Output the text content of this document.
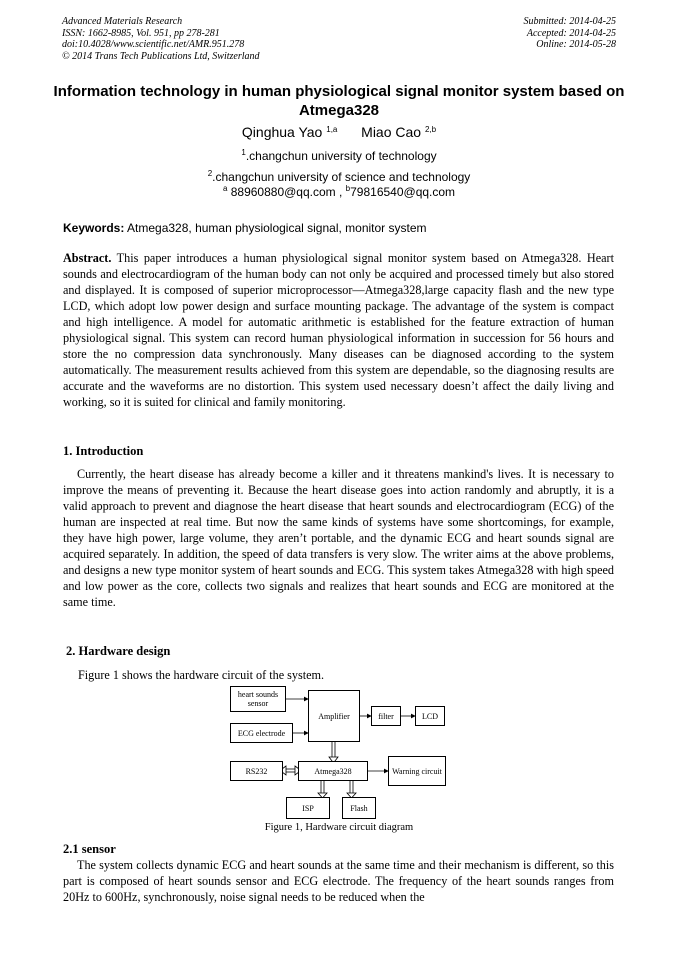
Advanced Materials Research
ISSN: 1662-8985, Vol. 951, pp 278-281
doi:10.4028/www.scientific.net/AMR.951.278
© 2014 Trans Tech Publications Ltd, Switzerland
Submitted: 2014-04-25
Accepted: 2014-04-25
Online: 2014-05-28
Information technology in human physiological signal monitor system based on Atmega328
Qinghua Yao $^{1,a}$ Miao Cao $^{2,b}$
$^1$.changchun university of technology
$^2$.changchun university of science and technology
$^a$ 88960880@qq.com , $^b$79816540@qq.com
Keywords: Atmega328, human physiological signal, monitor system
Abstract. This paper introduces a human physiological signal monitor system based on Atmega328. Heart sounds and electrocardiogram of the human body can not only be acquired and processed timely but also stored and displayed. It is composed of superior microprocessor—Atmega328,large capacity flash and the new type LCD, which adopt low power design and surface mounting package. The advantage of the system is compact and high intelligence. A model for automatic arithmetic is established for the feature extraction of human physiological signal. This system can record human physiological information in succession for 56 hours and store the no compression data synchronously. Many diseases can be diagnosed according to the system automatically. The measurement results achieved from this system are dependable, so the diagnosing results are accurate and the waveforms are no distortion. This system used necessary doesn’t affect the daily living and working, so it is suited for clinical and family monitoring.
1. Introduction
Currently, the heart disease has already become a killer and it threatens mankind's lives. It is necessary to improve the means of preventing it. Because the heart disease goes into action randomly and abruptly, it is a valid approach to prevent and diagnose the heart disease that heart sounds and electrocardiogram (ECG) of the human are inspected at real time. But now the same kinds of systems have some shortcomings, for example, they have high power, large volume, they aren’t portable, and the dynamic ECG and heart sounds signal are acquired separately. In addition, the speed of data transfers is very slow. The writer aims at the above problems, and designs a new type monitor system of heart sounds and ECG. This system takes Atmega328 with high speed and low power as the core, collects two signals and realizes that heart sounds and ECG are monitored at the same time.
2. Hardware design
Figure 1 shows the hardware circuit of the system.
heart sounds sensor
ECG electrode
Amplifier	filter	LCD
RS232	Atmega328	Warning circuit
ISP	Flash
Figure 1, Hardware circuit diagram
2.1 sensor
The system collects dynamic ECG and heart sounds at the same time and their mechanism is different, so this part is composed of heart sounds sensor and ECG electrode. The frequency of the heart sounds ranges from 20Hz to 600Hz, synchronously, noise signal needs to be reduced when the
